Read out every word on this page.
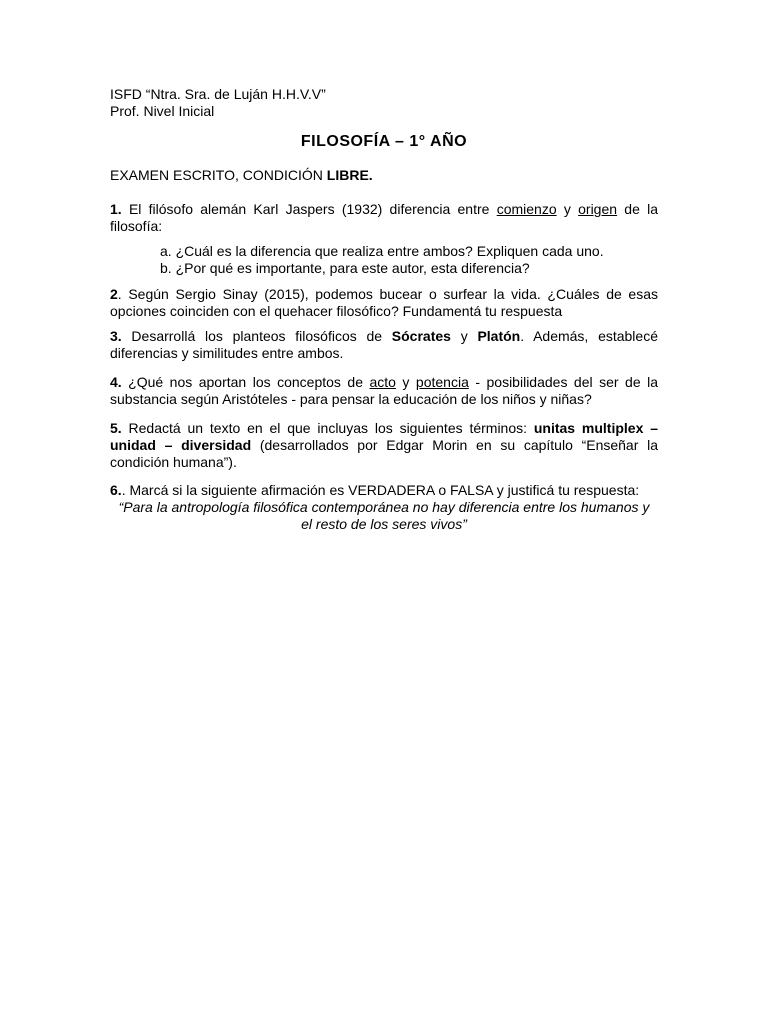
ISFD “Ntra. Sra. de Luján H.H.V.V”
Prof. Nivel Inicial
FILOSOFÍA – 1° AÑO

EXAMEN ESCRITO, CONDICIÓN LIBRE.

1. El filósofo alemán Karl Jaspers (1932) diferencia entre comienzo y origen de la filosofía:

a. ¿Cuál es la diferencia que realiza entre ambos? Expliquen cada uno.
b. ¿Por qué es importante, para este autor, esta diferencia?

2. Según Sergio Sinay (2015), podemos bucear o surfear la vida. ¿Cuáles de esas opciones coinciden con el quehacer filosófico? Fundamentá tu respuesta

3. Desarrollá los planteos filosóficos de Sócrates y Platón. Además, establecé diferencias y similitudes entre ambos.

4. ¿Qué nos aportan los conceptos de acto y potencia - posibilidades del ser de la substancia según Aristóteles - para pensar la educación de los niños y niñas?

5. Redactá un texto en el que incluyas los siguientes términos: unitas multiplex – unidad – diversidad (desarrollados por Edgar Morin en su capítulo “Enseñar la condición humana”).

6.. Marcá si la siguiente afirmación es VERDADERA o FALSA y justificá tu respuesta:

“Para la antropología filosófica contemporánea no hay diferencia entre los humanos y
el resto de los seres vivos”
